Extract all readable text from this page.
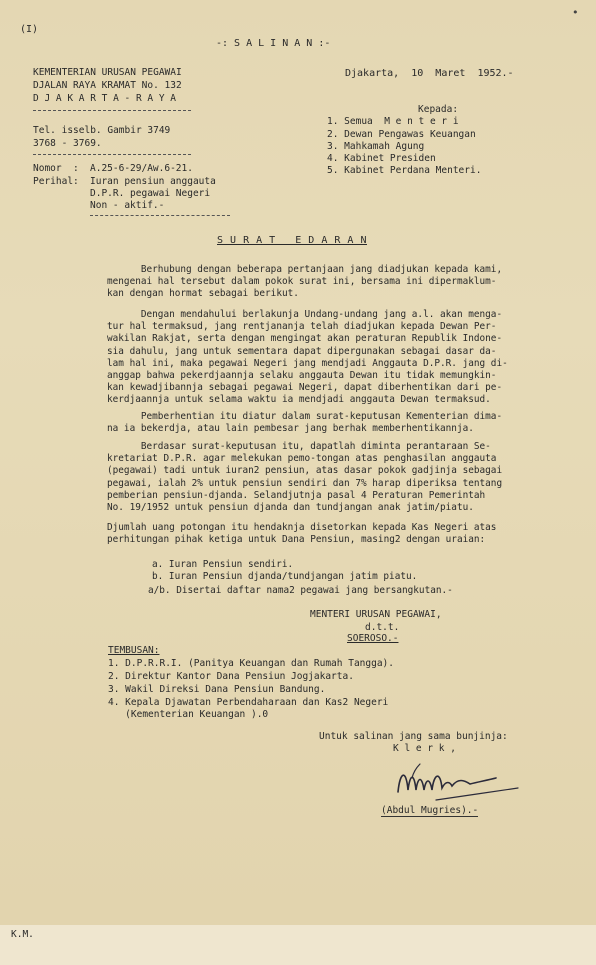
(I)
-: S A L I N A N :-
•
KEMENTERIAN URUSAN PEGAWAI
DJALAN RAYA KRAMAT No. 132
D J A K A R T A - R A Y A
Tel. isselb. Gambir 3749
3768 - 3769.
Djakarta,  10  Maret  1952.-
Kepada:
1. Semua  M e n t e r i
2. Dewan Pengawas Keuangan
3. Mahkamah Agung
4. Kabinet Presiden
5. Kabinet Perdana Menteri.
Nomor  : A.25-6-29/Aw.6-21.
Perihal: Iuran pensiun anggauta
D.P.R. pegawai Negeri
Non - aktif.-
S U R A T   E D A R A N
Berhubung dengan beberapa pertanjaan jang diadjukan kepada kami,
mengenai hal tersebut dalam pokok surat ini, bersama ini dipermaklum-
kan dengan hormat sebagai berikut.
Dengan mendahului berlakunja Undang-undang jang a.l. akan menga-
tur hal termaksud, jang rentjananja telah diadjukan kepada Dewan Per-
wakilan Rakjat, serta dengan mengingat akan peraturan Republik Indone-
sia dahulu, jang untuk sementara dapat dipergunakan sebagai dasar da-
lam hal ini, maka pegawai Negeri jang mendjadi Anggauta D.P.R. jang di-
anggap bahwa pekerdjaannja selaku anggauta Dewan itu tidak memungkin-
kan kewadjibannja sebagai pegawai Negeri, dapat diberhentikan dari pe-
kerdjaannja untuk selama waktu ia mendjadi anggauta Dewan termaksud.
Pemberhentian itu diatur dalam surat-keputusan Kementerian dima-
na ia bekerdja, atau lain pembesar jang berhak memberhentikannja.
Berdasar surat-keputusan itu, dapatlah diminta perantaraan Se-
kretariat D.P.R. agar melekukan pemo-tongan atas penghasilan anggauta
(pegawai) tadi untuk iuran2 pensiun, atas dasar pokok gadjinja sebagai
pegawai, ialah 2% untuk pensiun sendiri dan 7% harap diperiksa tentang
pemberian pensiun-djanda. Selandjutnja pasal 4 Peraturan Pemerintah
No. 19/1952 untuk pensiun djanda dan tundjangan anak jatim/piatu.
Djumlah uang potongan itu hendaknja disetorkan kepada Kas Negeri atas
perhitungan pihak ketiga untuk Dana Pensiun, masing2 dengan uraian:
a. Iuran Pensiun sendiri.
b. Iuran Pensiun djanda/tundjangan jatim piatu.
a/b. Disertai daftar nama2 pegawai jang bersangkutan.-
MENTERI URUSAN PEGAWAI,
d.t.t.
SOEROSO.-
TEMBUSAN:
1. D.P.R.R.I. (Panitya Keuangan dan Rumah Tangga).
2. Direktur Kantor Dana Pensiun Jogjakarta.
3. Wakil Direksi Dana Pensiun Bandung.
4. Kepala Djawatan Perbendaharaan dan Kas2 Negeri
(Kementerian Keuangan ).0
Untuk salinan jang sama bunjinja:
K l e r k ,
(Abdul Mugries).-
K.M.
